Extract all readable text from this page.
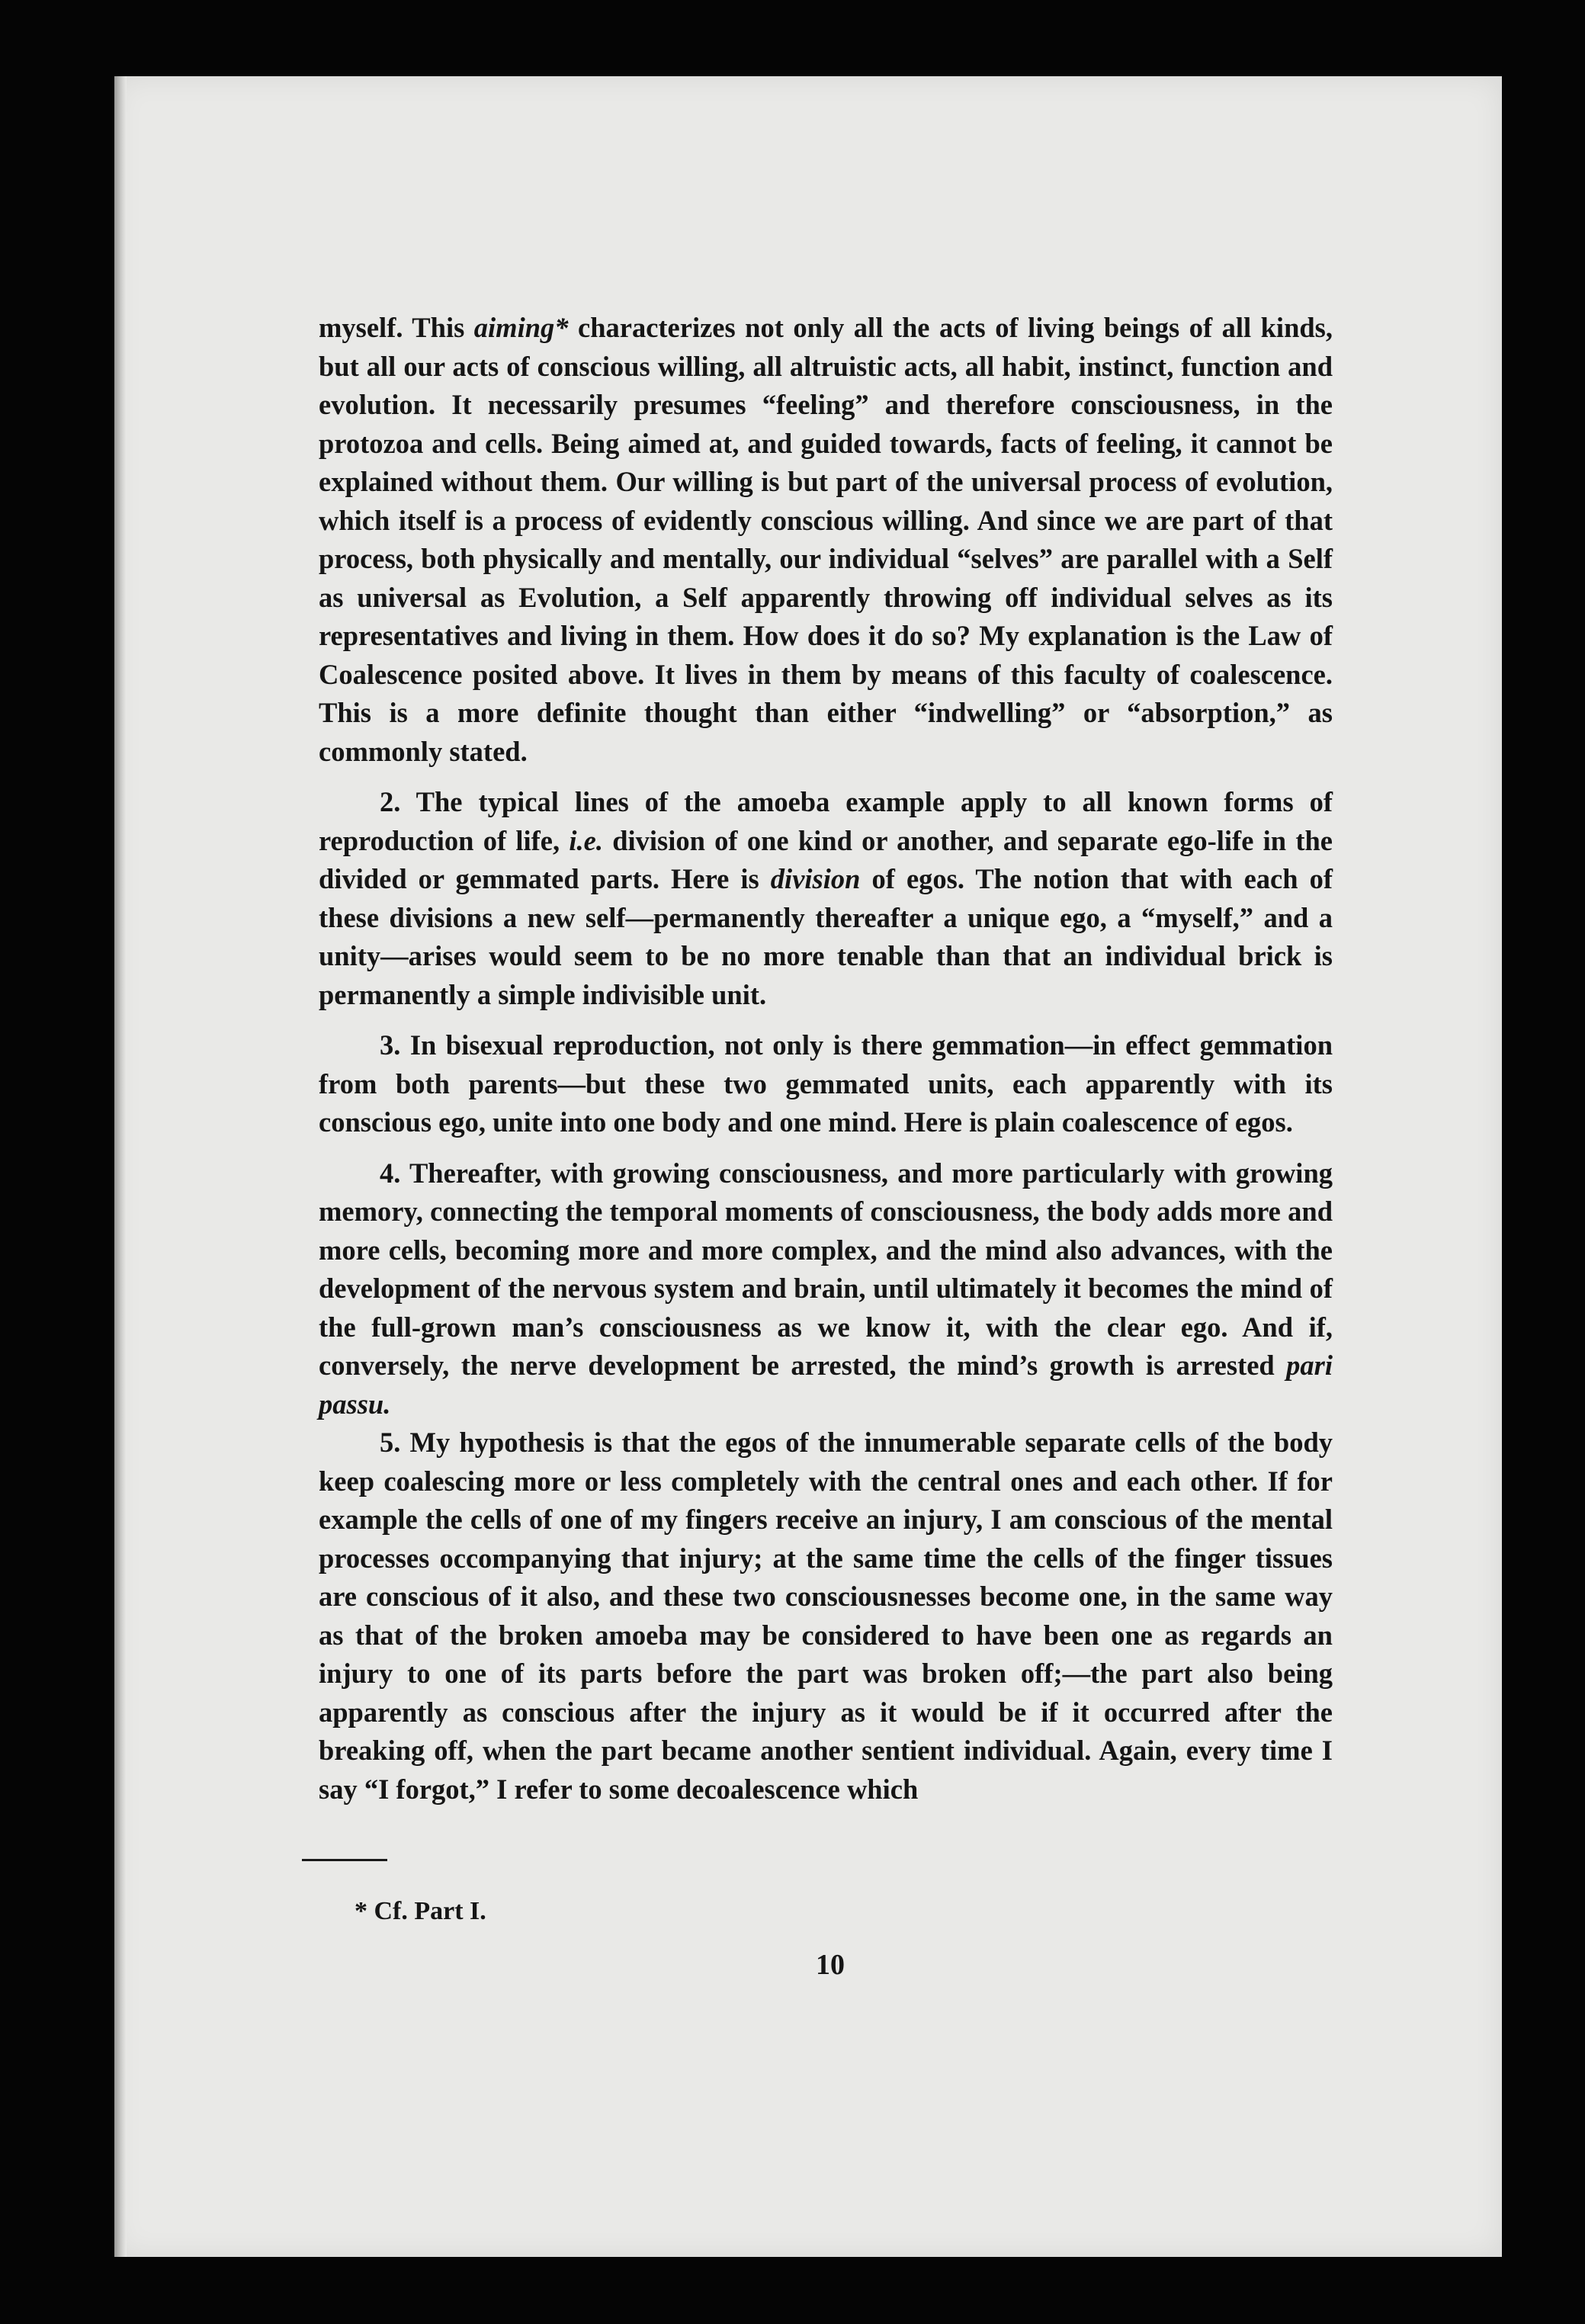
myself. This aiming* characterizes not only all the acts of living beings of all kinds, but all our acts of conscious willing, all altruistic acts, all habit, instinct, function and evolution. It necessarily presumes “feeling” and therefore consciousness, in the protozoa and cells. Being aimed at, and guided towards, facts of feeling, it cannot be explained without them. Our willing is but part of the universal process of evolution, which itself is a process of evidently conscious willing. And since we are part of that process, both physically and mentally, our individual “selves” are parallel with a Self as universal as Evolution, a Self apparently throwing off individual selves as its representatives and living in them. How does it do so? My explanation is the Law of Coalescence posited above. It lives in them by means of this faculty of coalescence. This is a more definite thought than either “indwelling” or “absorption,” as commonly stated.

2. The typical lines of the amoeba example apply to all known forms of reproduction of life, i.e. division of one kind or another, and separate ego-life in the divided or gemmated parts. Here is division of egos. The notion that with each of these divisions a new self—permanently thereafter a unique ego, a “myself,” and a unity—arises would seem to be no more tenable than that an individual brick is permanently a simple indivisible unit.

3. In bisexual reproduction, not only is there gemmation—in effect gemmation from both parents—but these two gemmated units, each apparently with its conscious ego, unite into one body and one mind. Here is plain coalescence of egos.

4. Thereafter, with growing consciousness, and more particularly with growing memory, connecting the temporal moments of consciousness, the body adds more and more cells, becoming more and more complex, and the mind also advances, with the development of the nervous system and brain, until ultimately it becomes the mind of the full-grown man’s consciousness as we know it, with the clear ego. And if, conversely, the nerve development be arrested, the mind’s growth is arrested pari passu.

5. My hypothesis is that the egos of the innumerable separate cells of the body keep coalescing more or less completely with the central ones and each other. If for example the cells of one of my fingers receive an injury, I am conscious of the mental processes occompanying that injury; at the same time the cells of the finger tissues are conscious of it also, and these two consciousnesses become one, in the same way as that of the broken amoeba may be considered to have been one as regards an injury to one of its parts before the part was broken off;—the part also being apparently as conscious after the injury as it would be if it occurred after the breaking off, when the part became another sentient individual. Again, every time I say “I forgot,” I refer to some decoalescence which

* Cf. Part I.
10
